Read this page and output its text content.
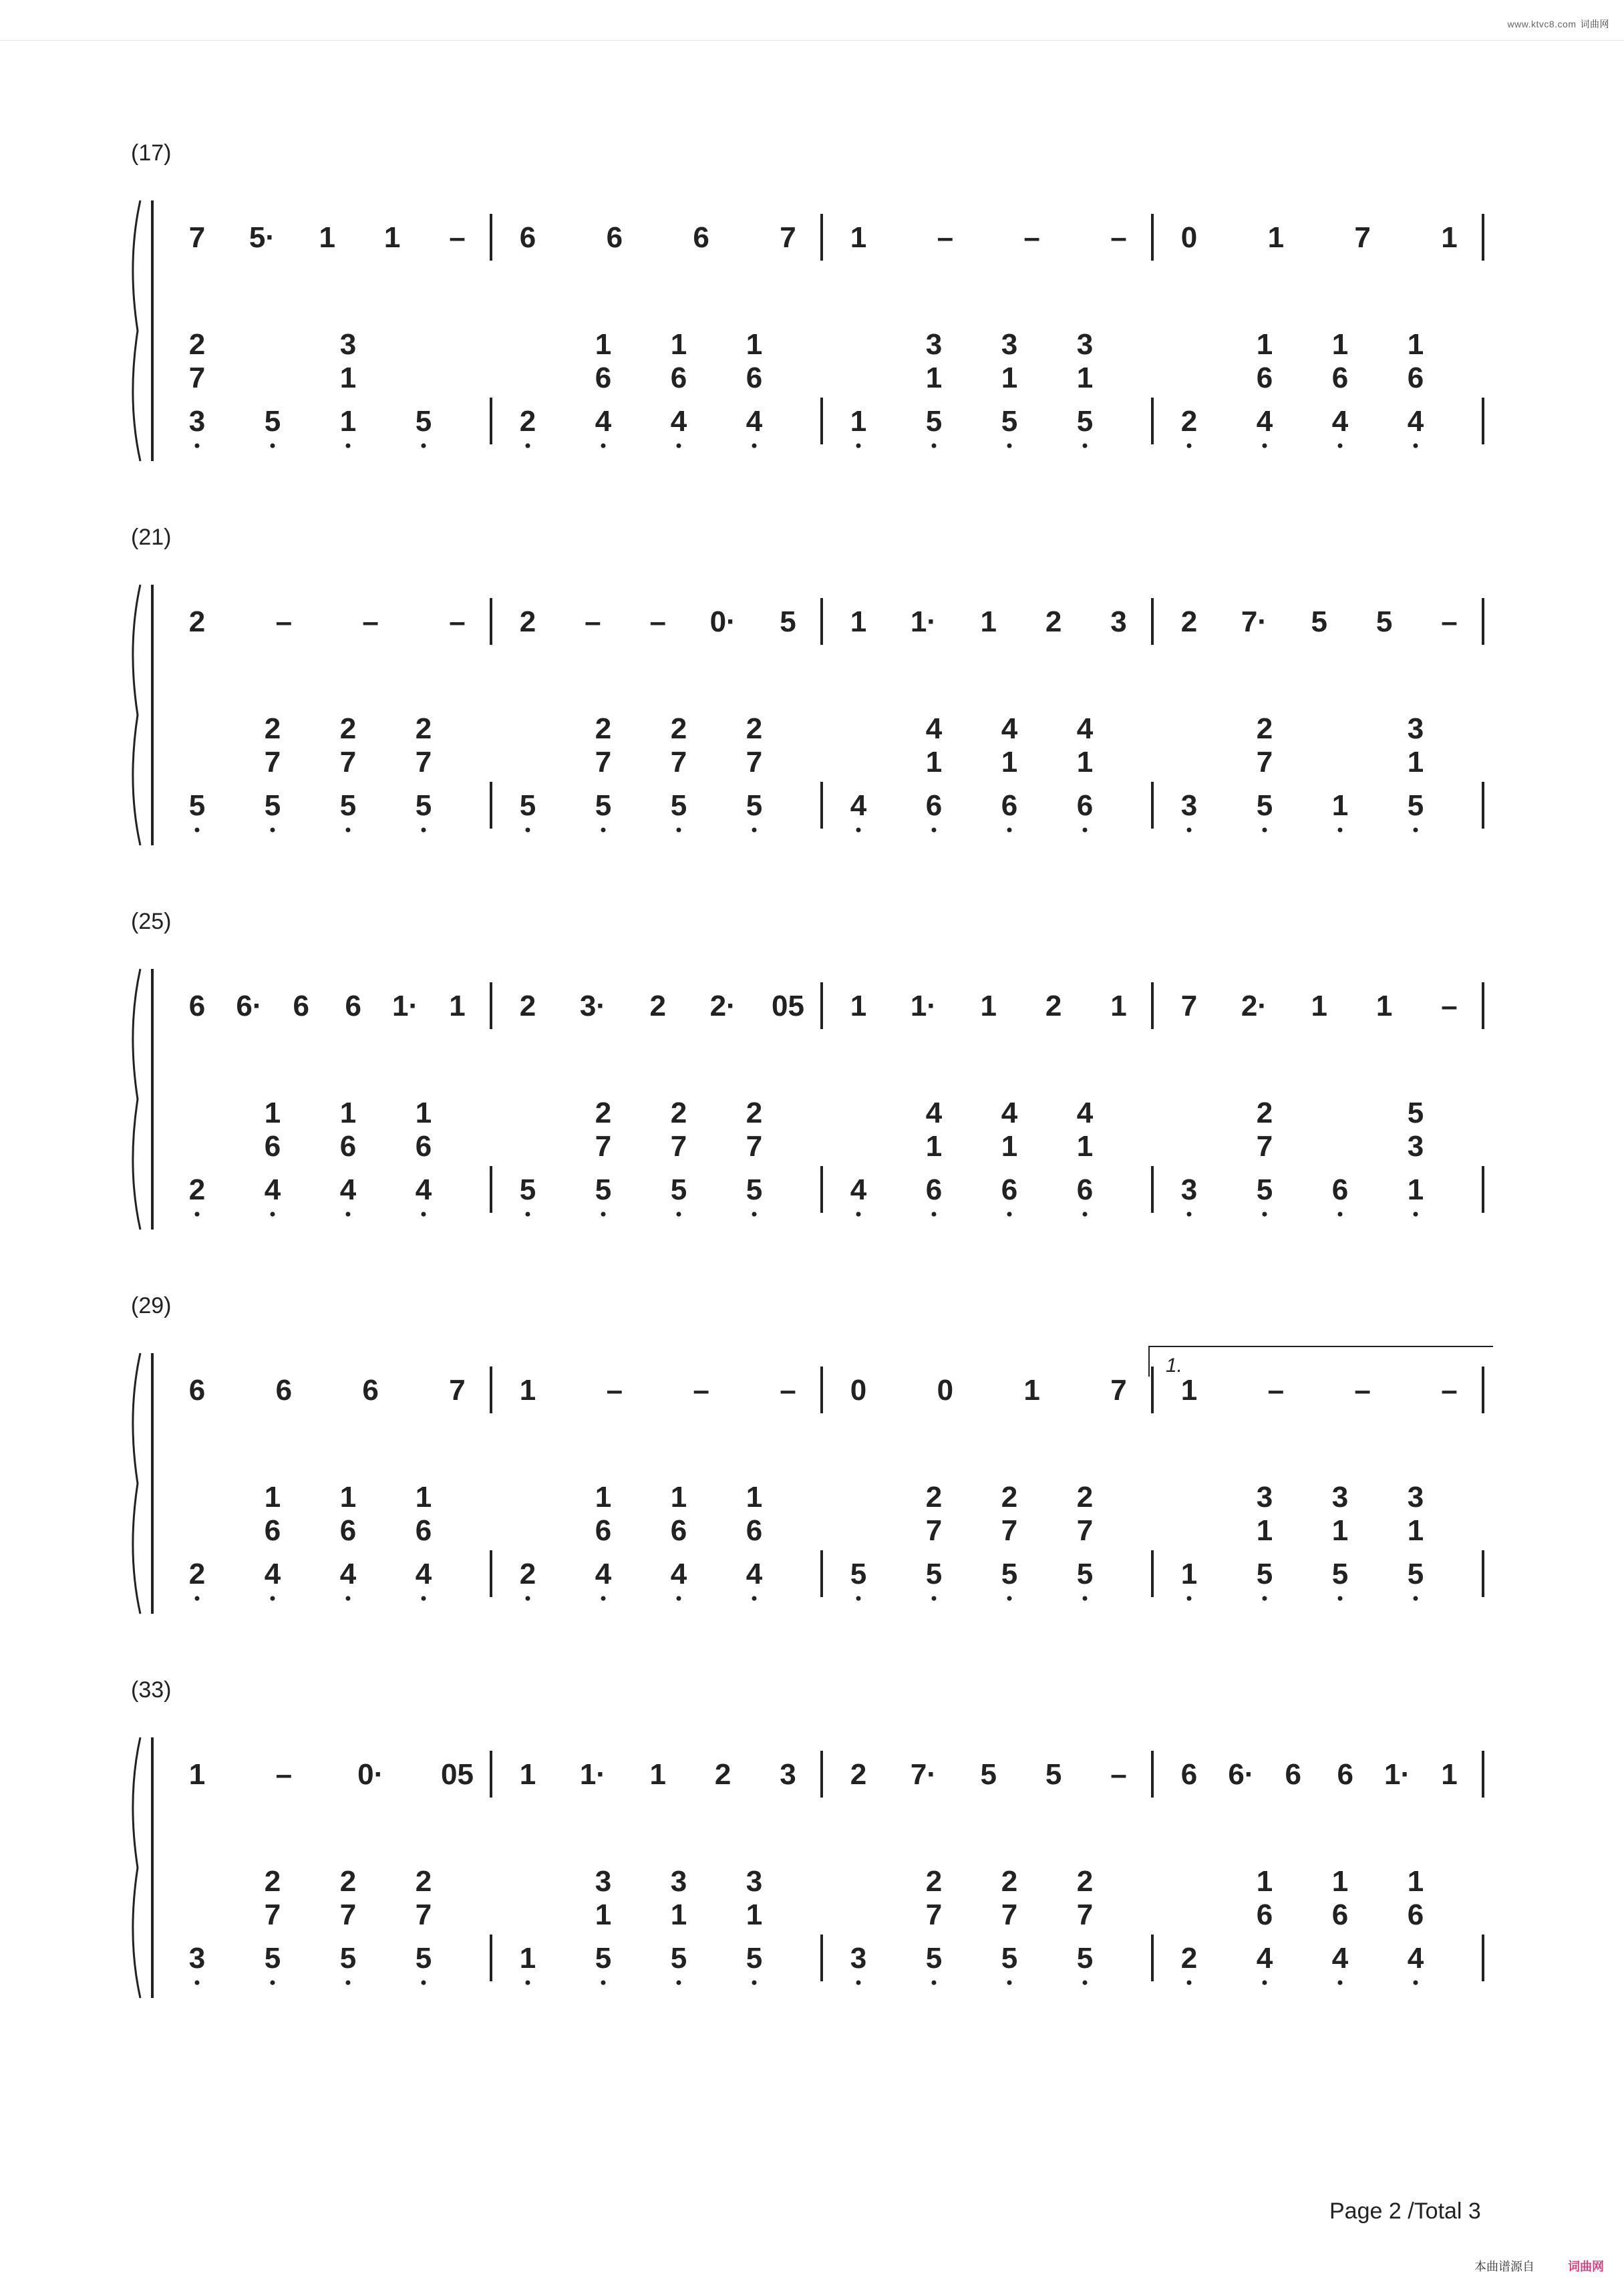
www.ktvc8.com 词曲网
(17)
7 5· 1 1 –
2
7
3 5
3
1
1 5
6 6 6 7
2
1
6
4
1
6
4
1
6
4
1 – – –
1
3
1
5
3
1
5
3
1
5
0 1 7 1
2
1
6
4
1
6
4
1
6
4
(21)
2 – – –
5
2
7
5
2
7
5
2
7
5
2 – – 0· 5
5
2
7
5
2
7
5
2
7
5
1 1· 1 2 3
4
4
1
6
4
1
6
4
1
6
2 7· 5 5 –
3
2
7
5 1
3
1
5
(25)
6 6· 6 6 1· 1
2
1
6
4
1
6
4
1
6
4
2 3· 2 2· 05
5
2
7
5
2
7
5
2
7
5
1 1· 1 2 1
4
4
1
6
4
1
6
4
1
6
7 2· 1 1 –
3
2
7
5 6
5
3
1
(29)
1.
6 6 6 7
2
1
6
4
1
6
4
1
6
4
1 – – –
2
1
6
4
1
6
4
1
6
4
0 0 1 7
5
2
7
5
2
7
5
2
7
5
1 – – –
1
3
1
5
3
1
5
3
1
5
(33)
1 – 0· 05
3
2
7
5
2
7
5
2
7
5
1 1· 1 2 3
1
3
1
5
3
1
5
3
1
5
2 7· 5 5 –
3
2
7
5
2
7
5
2
7
5
6 6· 6 6 1· 1
2
1
6
4
1
6
4
1
6
4
Page 2 /Total 3
本曲谱源自	词曲网
